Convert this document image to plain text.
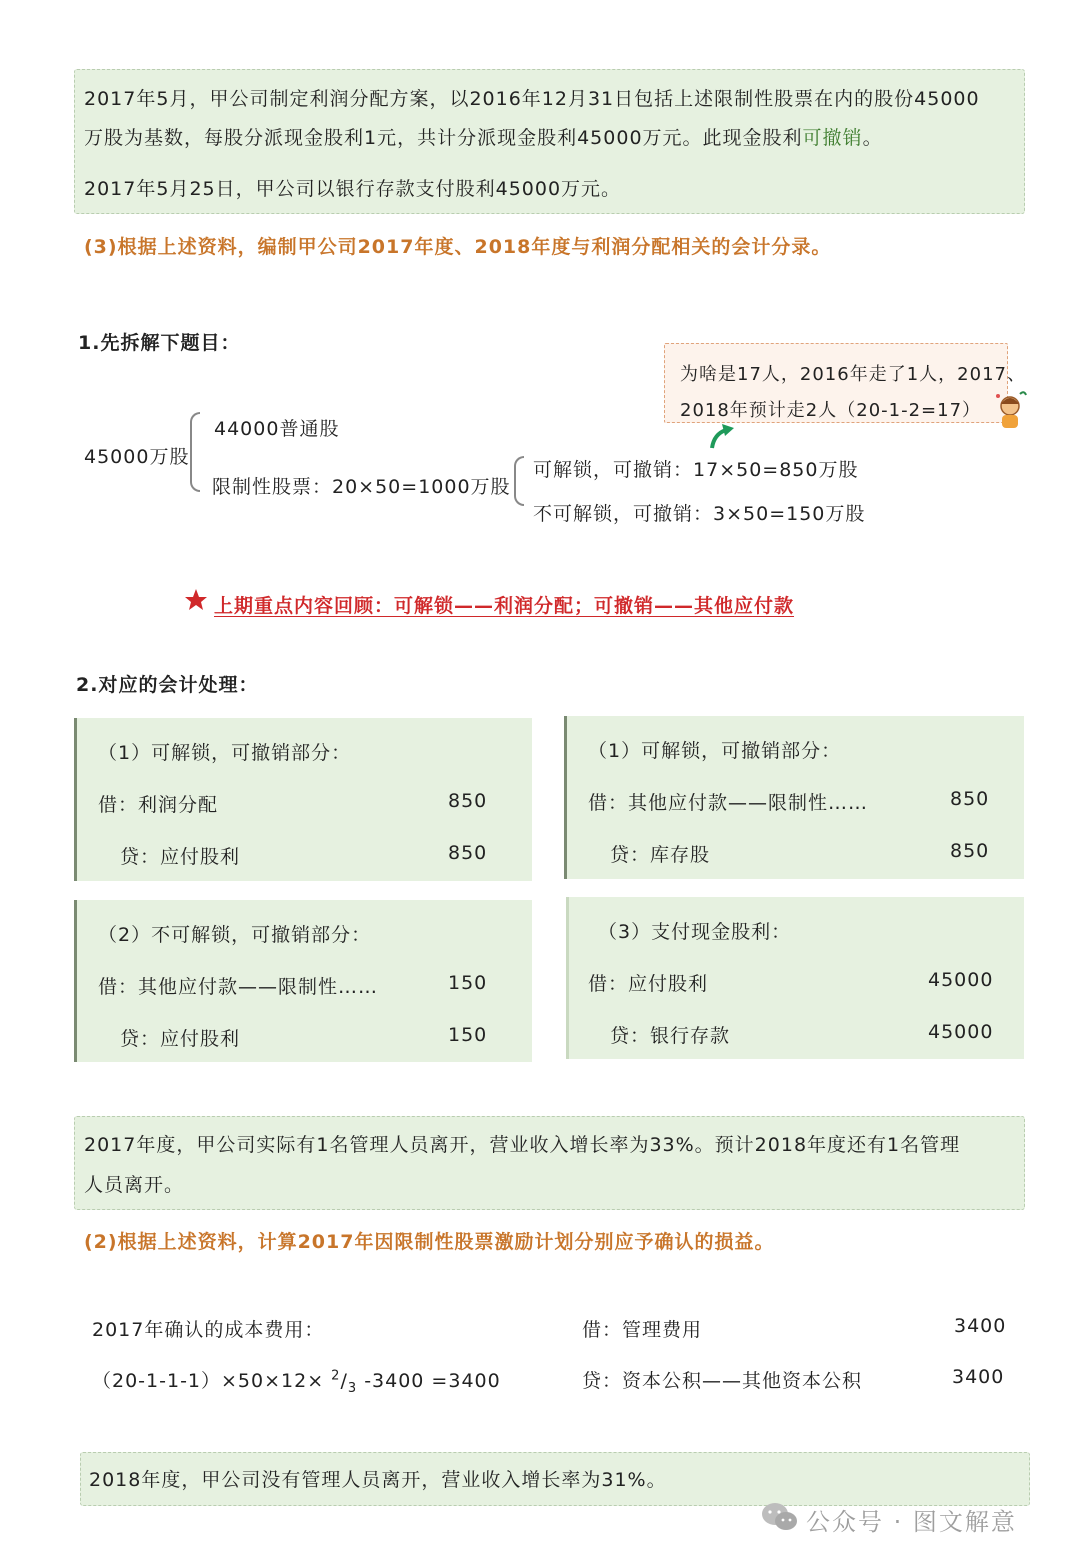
2017年5月，甲公司制定利润分配方案，以2016年12月31日包括上述限制性股票在内的股份45000
万股为基数，每股分派现金股利1元，共计分派现金股利45000万元。此现金股利可撤销。
2017年5月25日，甲公司以银行存款支付股利45000万元。
(3)根据上述资料，编制甲公司2017年度、2018年度与利润分配相关的会计分录。
1.先拆解下题目：
为啥是17人，2016年走了1人，2017、
2018年预计走2人（20-1-2=17）
45000万股
44000普通股
限制性股票：20×50=1000万股
可解锁，可撤销：17×50=850万股
不可解锁，可撤销：3×50=150万股
上期重点内容回顾：可解锁——利润分配；可撤销——其他应付款
2.对应的会计处理：
（1）可解锁，可撤销部分：
借：利润分配	850
贷：应付股利	850
（1）可解锁，可撤销部分：
借：其他应付款——限制性……	850
贷：库存股	850
（2）不可解锁，可撤销部分：
借：其他应付款——限制性……	150
贷：应付股利	150
（3）支付现金股利：
借：应付股利	45000
贷：银行存款	45000
2017年度，甲公司实际有1名管理人员离开，营业收入增长率为33%。预计2018年度还有1名管理
人员离开。
(2)根据上述资料，计算2017年因限制性股票激励计划分别应予确认的损益。
2017年确认的成本费用：
$(20-1-1-1)\times 50\times 12\times ^2/_3$ -3400 =3400
借：管理费用	3400
贷：资本公积——其他资本公积	3400
2018年度，甲公司没有管理人员离开，营业收入增长率为31%。
公众号 · 图文解意
